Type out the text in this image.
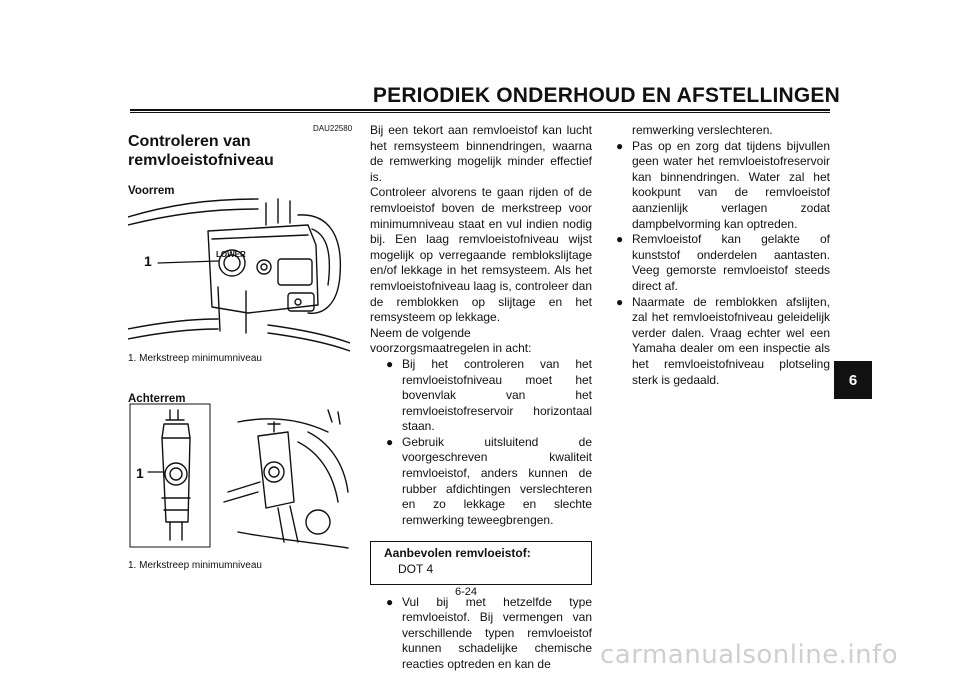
PERIODIEK ONDERHOUD EN AFSTELLINGEN
DAU22580
Controleren van remvloeistofniveau
Voorrem
LOWER
1
1. Merkstreep minimumniveau
Achterrem
1
1. Merkstreep minimumniveau

Bij een tekort aan remvloeistof kan lucht het remsysteem binnendringen, waarna de remwerking mogelijk minder effectief is.

Controleer alvorens te gaan rijden of de remvloeistof boven de merkstreep voor minimumniveau staat en vul indien nodig bij. Een laag remvloeistofniveau wijst mogelijk op verregaande remblokslijtage en/of lekkage in het remsysteem. Als het remvloeistofniveau laag is, controleer dan de remblokken op slijtage en het remsysteem op lekkage.

Neem de volgende voorzorgsmaatregelen in acht:

● Bij het controleren van het remvloeistofniveau moet het bovenvlak van het remvloeistofreservoir horizontaal staan.
● Gebruik uitsluitend de voorgeschreven kwaliteit remvloeistof, anders kunnen de rubber afdichtingen verslechteren en zo lekkage en slechte remwerking teweegbrengen.
Aanbevolen remvloeistof:
DOT 4
● Vul bij met hetzelfde type remvloeistof. Bij vermengen van verschillende typen remvloeistof kunnen schadelijke chemische reacties optreden en kan de

remwerking verslechteren.

● Pas op en zorg dat tijdens bijvullen geen water het remvloeistofreservoir kan binnendringen. Water zal het kookpunt van de remvloeistof aanzienlijk verlagen zodat dampbelvorming kan optreden.
● Remvloeistof kan gelakte of kunststof onderdelen aantasten. Veeg gemorste remvloeistof steeds direct af.
● Naarmate de remblokken afslijten, zal het remvloeistofniveau geleidelijk verder dalen. Vraag echter wel een Yamaha dealer om een inspectie als het remvloeistofniveau plotseling sterk is gedaald.	6
6-24
carmanualsonline.info
